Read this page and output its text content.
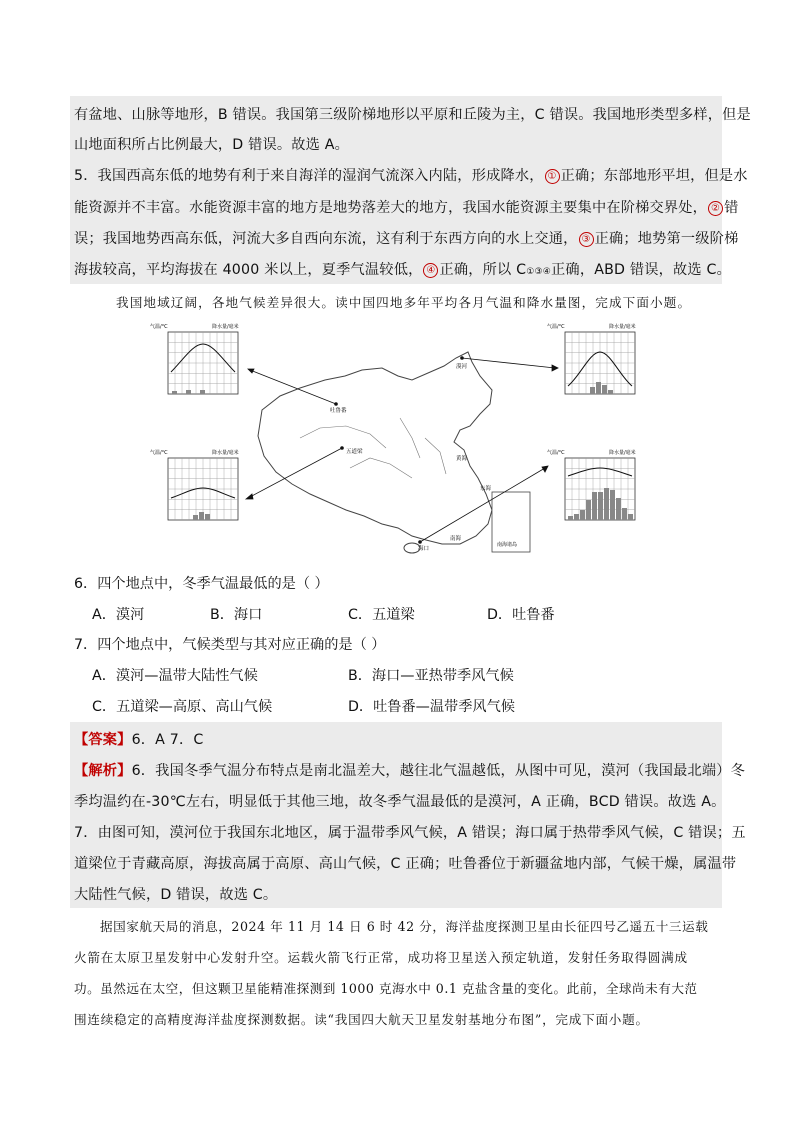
有盆地、山脉等地形，B 错误。我国第三级阶梯地形以平原和丘陵为主，C 错误。我国地形类型多样，但是
山地面积所占比例最大，D 错误。故选 A。
5．我国西高东低的地势有利于来自海洋的湿润气流深入内陆，形成降水， ① 正确；东部地形平坦，但是水
能资源并不丰富。水能资源丰富的地方是地势落差大的地方，我国水能资源主要集中在阶梯交界处， ② 错
误；我国地势西高东低，河流大多自西向东流，这有利于东西方向的水上交通， ③ 正确；地势第一级阶梯
海拔较高，平均海拔在 4000 米以上，夏季气温较低， ④ 正确，所以 C①③④正确，ABD 错误，故选 C。
我国地域辽阔，各地气候差异很大。读中国四地多年平均各月气温和降水量图，完成下面小题。
南海诸岛
吐鲁番
漠河
五道梁
海口
黄海
东海
南海
气温/°C	降水量/毫米	气温/°C	降水量/毫米
气温/°C	降水量/毫米	气温/°C	降水量/毫米
6．四个地点中，冬季气温最低的是（ ）
A．漠河	B．海口	C．五道梁	D．吐鲁番
7．四个地点中，气候类型与其对应正确的是（ ）
A．漠河—温带大陆性气候	B．海口—亚热带季风气候
C．五道梁—高原、高山气候	D．吐鲁番—温带季风气候
【答案】6．A 7．C
【解析】6．我国冬季气温分布特点是南北温差大，越往北气温越低，从图中可见，漠河（我国最北端）冬
季均温约在-30℃左右，明显低于其他三地，故冬季气温最低的是漠河，A 正确，BCD 错误。故选 A。
7．由图可知，漠河位于我国东北地区，属于温带季风气候，A 错误；海口属于热带季风气候，C 错误；五
道梁位于青藏高原，海拔高属于高原、高山气候，C 正确；吐鲁番位于新疆盆地内部，气候干燥，属温带
大陆性气候，D 错误，故选 C。
据国家航天局的消息，2024 年 11 月 14 日 6 时 42 分，海洋盐度探测卫星由长征四号乙遥五十三运载
火箭在太原卫星发射中心发射升空。运载火箭飞行正常，成功将卫星送入预定轨道，发射任务取得圆满成
功。虽然远在太空，但这颗卫星能精准探测到 1000 克海水中 0.1 克盐含量的变化。此前，全球尚未有大范
围连续稳定的高精度海洋盐度探测数据。读“我国四大航天卫星发射基地分布图”，完成下面小题。
